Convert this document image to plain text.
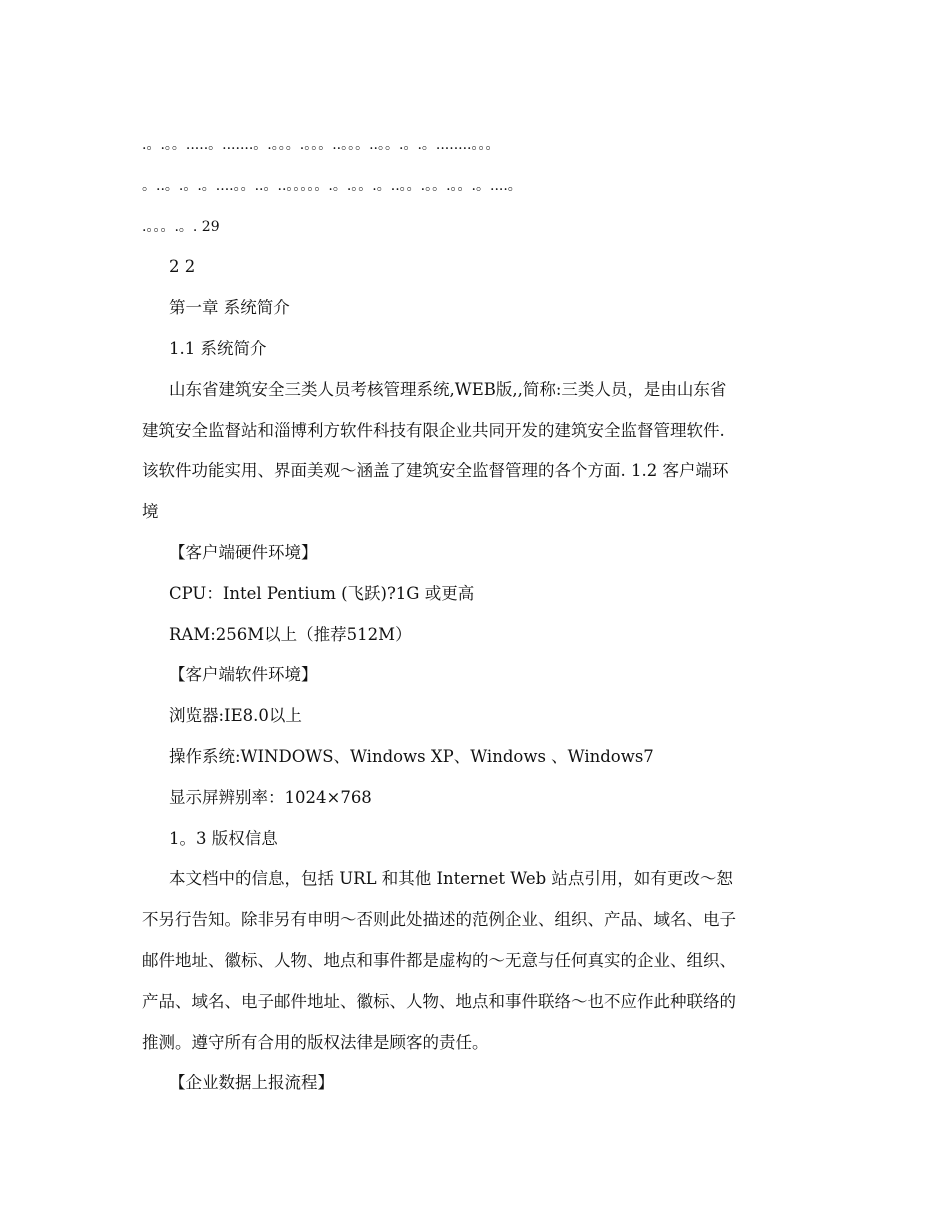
.。.。。.....。.......。.。。。.。。。..。。。..。。.。.。........。。。
。..。.。.。....。。..。..。。。。。.。.。。.。..。。.。。.。。.。....。
.。。。.。. 29
2 2
第一章 系统简介
1.1 系统简介
山东省建筑安全三类人员考核管理系统,WEB版,,简称:三类人员，是由山东省
建筑安全监督站和淄博利方软件科技有限企业共同开发的建筑安全监督管理软件.
该软件功能实用、界面美观～涵盖了建筑安全监督管理的各个方面. 1.2 客户端环
境
【客户端硬件环境】
CPU：Intel Pentium (飞跃)?1G 或更高
RAM:256M以上（推荐512M）
【客户端软件环境】
浏览器:IE8.0以上
操作系统:WINDOWS、Windows XP、Windows 、Windows7
显示屏辨别率：1024×768
1。3 版权信息
本文档中的信息，包括 URL 和其他 Internet Web 站点引用，如有更改～恕
不另行告知。除非另有申明～否则此处描述的范例企业、组织、产品、域名、电子
邮件地址、徽标、人物、地点和事件都是虚构的～无意与任何真实的企业、组织、
产品、域名、电子邮件地址、徽标、人物、地点和事件联络～也不应作此种联络的
推测。遵守所有合用的版权法律是顾客的责任。
【企业数据上报流程】
